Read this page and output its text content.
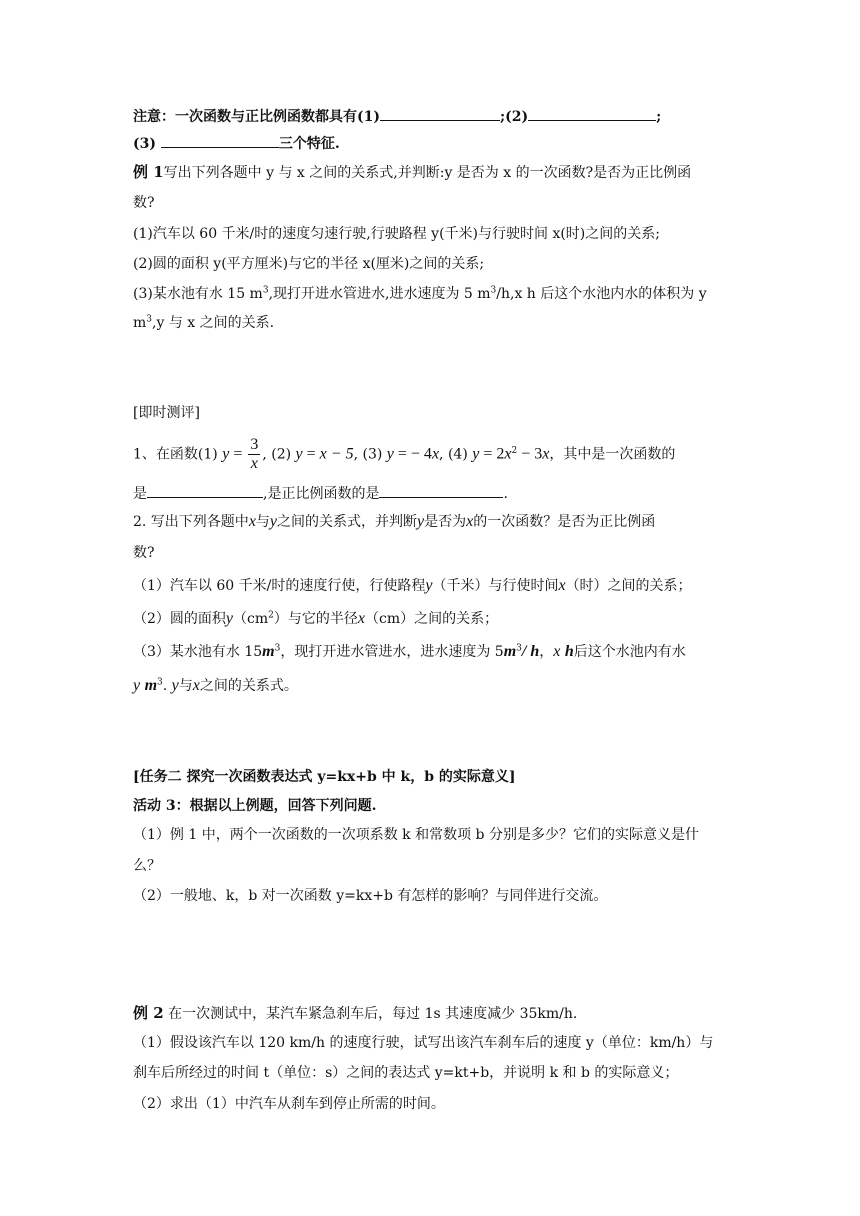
注意：一次函数与正比例函数都具有(1)	;(2)	;
(3)	三个特征.
例 1写出下列各题中 y 与 x 之间的关系式,并判断:y 是否为 x 的一次函数?是否为正比例函
数?
(1)汽车以 60 千米/时的速度匀速行驶,行驶路程 y(千米)与行驶时间 x(时)之间的关系;
(2)圆的面积 y(平方厘米)与它的半径 x(厘米)之间的关系;
(3)某水池有水 15 $m^3$,现打开进水管进水,进水速度为 5 $m^3/h,x$ h 后这个水池内水的体积为 y
$m^3,y$ 与 x 之间的关系.
[即时测评]
1、在函数(1) $y = \frac{3}{x}$ , (2) y = x − 5, (3) y = − 4x, (4) $y = 2x^2 - 3x$，其中是一次函数的
是	,是正比例函数的是	.
2. 写出下列各题中x与y之间的关系式，并判断y是否为x的一次函数？是否为正比例函
数?
（1）汽车以 60 千米/时的速度行使，行使路程y（千米）与行使时间x（时）之间的关系；
（2）圆的面积$y(cm^2)$与它的半径x（cm）之间的关系；
（3）某水池有水 $15m^3$，现打开进水管进水，进水速度为 $5m^3/$ h，x h后这个水池内有水
y $m^3$. y与x之间的关系式。
[任务二 探究一次函数表达式 y=kx+b 中 k，b 的实际意义]
活动 3：根据以上例题，回答下列问题.
（1）例 1 中，两个一次函数的一次项系数 k 和常数项 b 分别是多少？它们的实际意义是什
么？
（2）一般地、k，b 对一次函数 y=kx+b 有怎样的影响？与同伴进行交流。
例 2 在一次测试中，某汽车紧急刹车后，每过 1s 其速度减少 35km/h.
（1）假设该汽车以 120 km/h 的速度行驶，试写出该汽车刹车后的速度 y（单位：km/h）与
刹车后所经过的时间 t（单位：s）之间的表达式 y=kt+b，并说明 k 和 b 的实际意义；
（2）求出（1）中汽车从刹车到停止所需的时间。
